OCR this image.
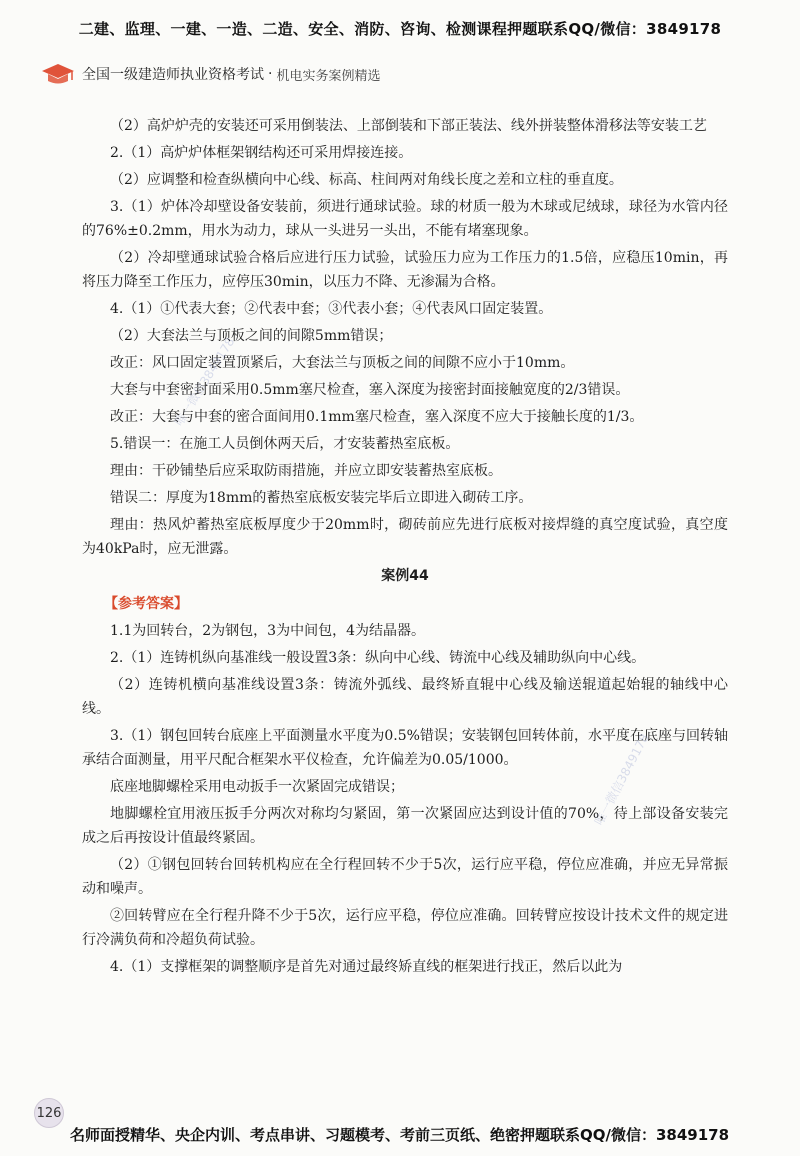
二建、监理、一建、一造、二造、安全、消防、咨询、检测课程押题联系QQ/微信：3849178
全国一级建造师执业资格考试 · 机电实务案例精选

（2）高炉炉壳的安装还可采用倒装法、上部倒装和下部正装法、线外拼装整体滑移法等安装工艺

2.（1）高炉炉体框架钢结构还可采用焊接连接。

（2）应调整和检查纵横向中心线、标高、柱间两对角线长度之差和立柱的垂直度。

3.（1）炉体冷却壁设备安装前，须进行通球试验。球的材质一般为木球或尼绒球，球径为水管内径的76%±0.2mm，用水为动力，球从一头进另一头出，不能有堵塞现象。

（2）冷却壁通球试验合格后应进行压力试验，试验压力应为工作压力的1.5倍，应稳压10min，再将压力降至工作压力，应停压30min，以压力不降、无渗漏为合格。

4.（1）①代表大套；②代表中套；③代表小套；④代表风口固定装置。

（2）大套法兰与顶板之间的间隙5mm错误；

改正：风口固定装置顶紧后，大套法兰与顶板之间的间隙不应小于10mm。

大套与中套密封面采用0.5mm塞尺检查，塞入深度为接密封面接触宽度的2/3错误。

改正：大套与中套的密合面间用0.1mm塞尺检查，塞入深度不应大于接触长度的1/3。

5.错误一：在施工人员倒休两天后，才安装蓄热室底板。

理由：干砂铺垫后应采取防雨措施，并应立即安装蓄热室底板。

错误二：厚度为18mm的蓄热室底板安装完毕后立即进入砌砖工序。

理由：热风炉蓄热室底板厚度少于20mm时，砌砖前应先进行底板对接焊缝的真空度试验，真空度为40kPa时，应无泄露。

案例44
【参考答案】

1.1为回转台，2为钢包，3为中间包，4为结晶器。

2.（1）连铸机纵向基准线一般设置3条：纵向中心线、铸流中心线及辅助纵向中心线。

（2）连铸机横向基准线设置3条：铸流外弧线、最终矫直辊中心线及输送辊道起始辊的轴线中心线。

3.（1）钢包回转台底座上平面测量水平度为0.5%错误；安装钢包回转体前，水平度在底座与回转轴承结合面测量，用平尺配合框架水平仪检查，允许偏差为0.05/1000。

底座地脚螺栓采用电动扳手一次紧固完成错误；

地脚螺栓宜用液压扳手分两次对称均匀紧固，第一次紧固应达到设计值的70%，待上部设备安装完成之后再按设计值最终紧固。

（2）①钢包回转台回转机构应在全行程回转不少于5次，运行应平稳，停位应准确，并应无异常振动和噪声。

②回转臂应在全行程升降不少于5次，运行应平稳，停位应准确。回转臂应按设计技术文件的规定进行冷满负荷和冷超负荷试验。

4.（1）支撑框架的调整顺序是首先对通过最终矫直线的框架进行找正，然后以此为

唯一微信3849178
唯一微信3849178
126
名师面授精华、央企内训、考点串讲、习题模考、考前三页纸、绝密押题联系QQ/微信：3849178
